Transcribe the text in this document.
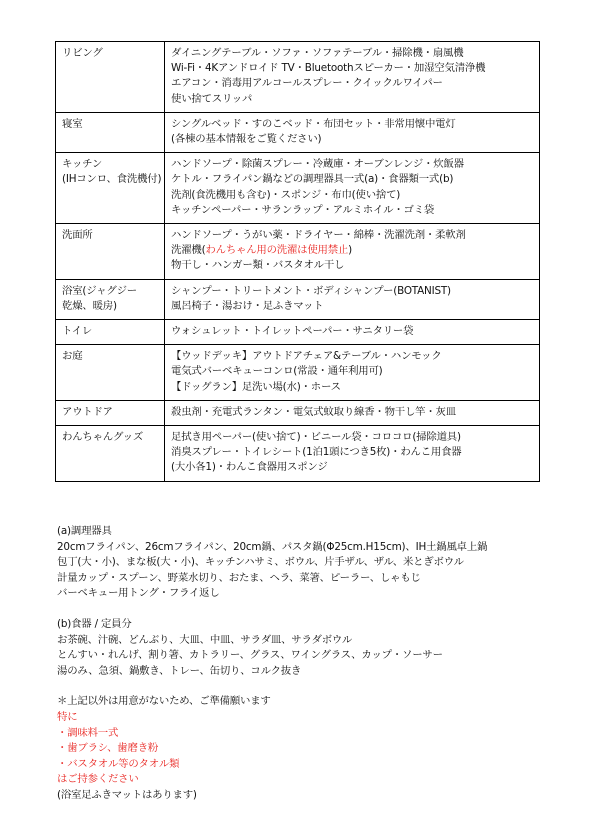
リビング	ダイニングテーブル・ソファ・ソファテーブル・掃除機・扇風機
Wi-Fi・4Kアンドロイド TV・Bluetoothスピーカー・加湿空気清浄機
エアコン・消毒用アルコールスプレー・クイックルワイパー
使い捨てスリッパ

寝室	シングルベッド・すのこベッド・布団セット・非常用懐中電灯
(各棟の基本情報をご覧ください)

キッチン
(IHコンロ、食洗機付)	ハンドソープ・除菌スプレー・冷蔵庫・オーブンレンジ・炊飯器
ケトル・フライパン鍋などの調理器具一式(a)・食器類一式(b)
洗剤(食洗機用も含む)・スポンジ・布巾(使い捨て)
キッチンペーパー・サランラップ・アルミホイル・ゴミ袋

洗面所	ハンドソープ・うがい薬・ドライヤー・綿棒・洗濯洗剤・柔軟剤
洗濯機(わんちゃん用の洗濯は使用禁止)
物干し・ハンガー類・バスタオル干し

浴室(ジャグジー
乾燥、暖房)	シャンプー・トリートメント・ボディシャンプー(BOTANIST)
風呂椅子・湯おけ・足ふきマット

トイレ	ウォシュレット・トイレットペーパー・サニタリー袋

お庭	【ウッドデッキ】アウトドアチェア&テーブル・ハンモック
電気式バーベキューコンロ(常設・通年利用可)
【ドッグラン】足洗い場(水)・ホース

アウトドア	殺虫剤・充電式ランタン・電気式蚊取り線香・物干し竿・灰皿

わんちゃんグッズ	足拭き用ペーパー(使い捨て)・ビニール袋・コロコロ(掃除道具)
消臭スプレー・トイレシート(1泊1頭につき5枚)・わんこ用食器
(大小各1)・わんこ食器用スポンジ
(a)調理器具
20cmフライパン、26cmフライパン、20cm鍋、パスタ鍋(Φ25cm.H15cm)、IH土鍋風卓上鍋
包丁(大・小)、まな板(大・小)、キッチンハサミ、ボウル、片手ザル、ザル、米とぎボウル
計量カップ・スプーン、野菜水切り、おたま、ヘラ、菜箸、ピーラー、しゃもじ
バーベキュー用トング・フライ返し
(b)食器 / 定員分
お茶碗、汁碗、どんぶり、大皿、中皿、サラダ皿、サラダボウル
とんすい・れんげ、割り箸、カトラリー、グラス、ワイングラス、カップ・ソーサー
湯のみ、急須、鍋敷き、トレー、缶切り、コルク抜き
＊上記以外は用意がないため、ご準備願います
特に
・調味料一式
・歯ブラシ、歯磨き粉
・バスタオル等のタオル類
はご持参ください
(浴室足ふきマットはあります)
